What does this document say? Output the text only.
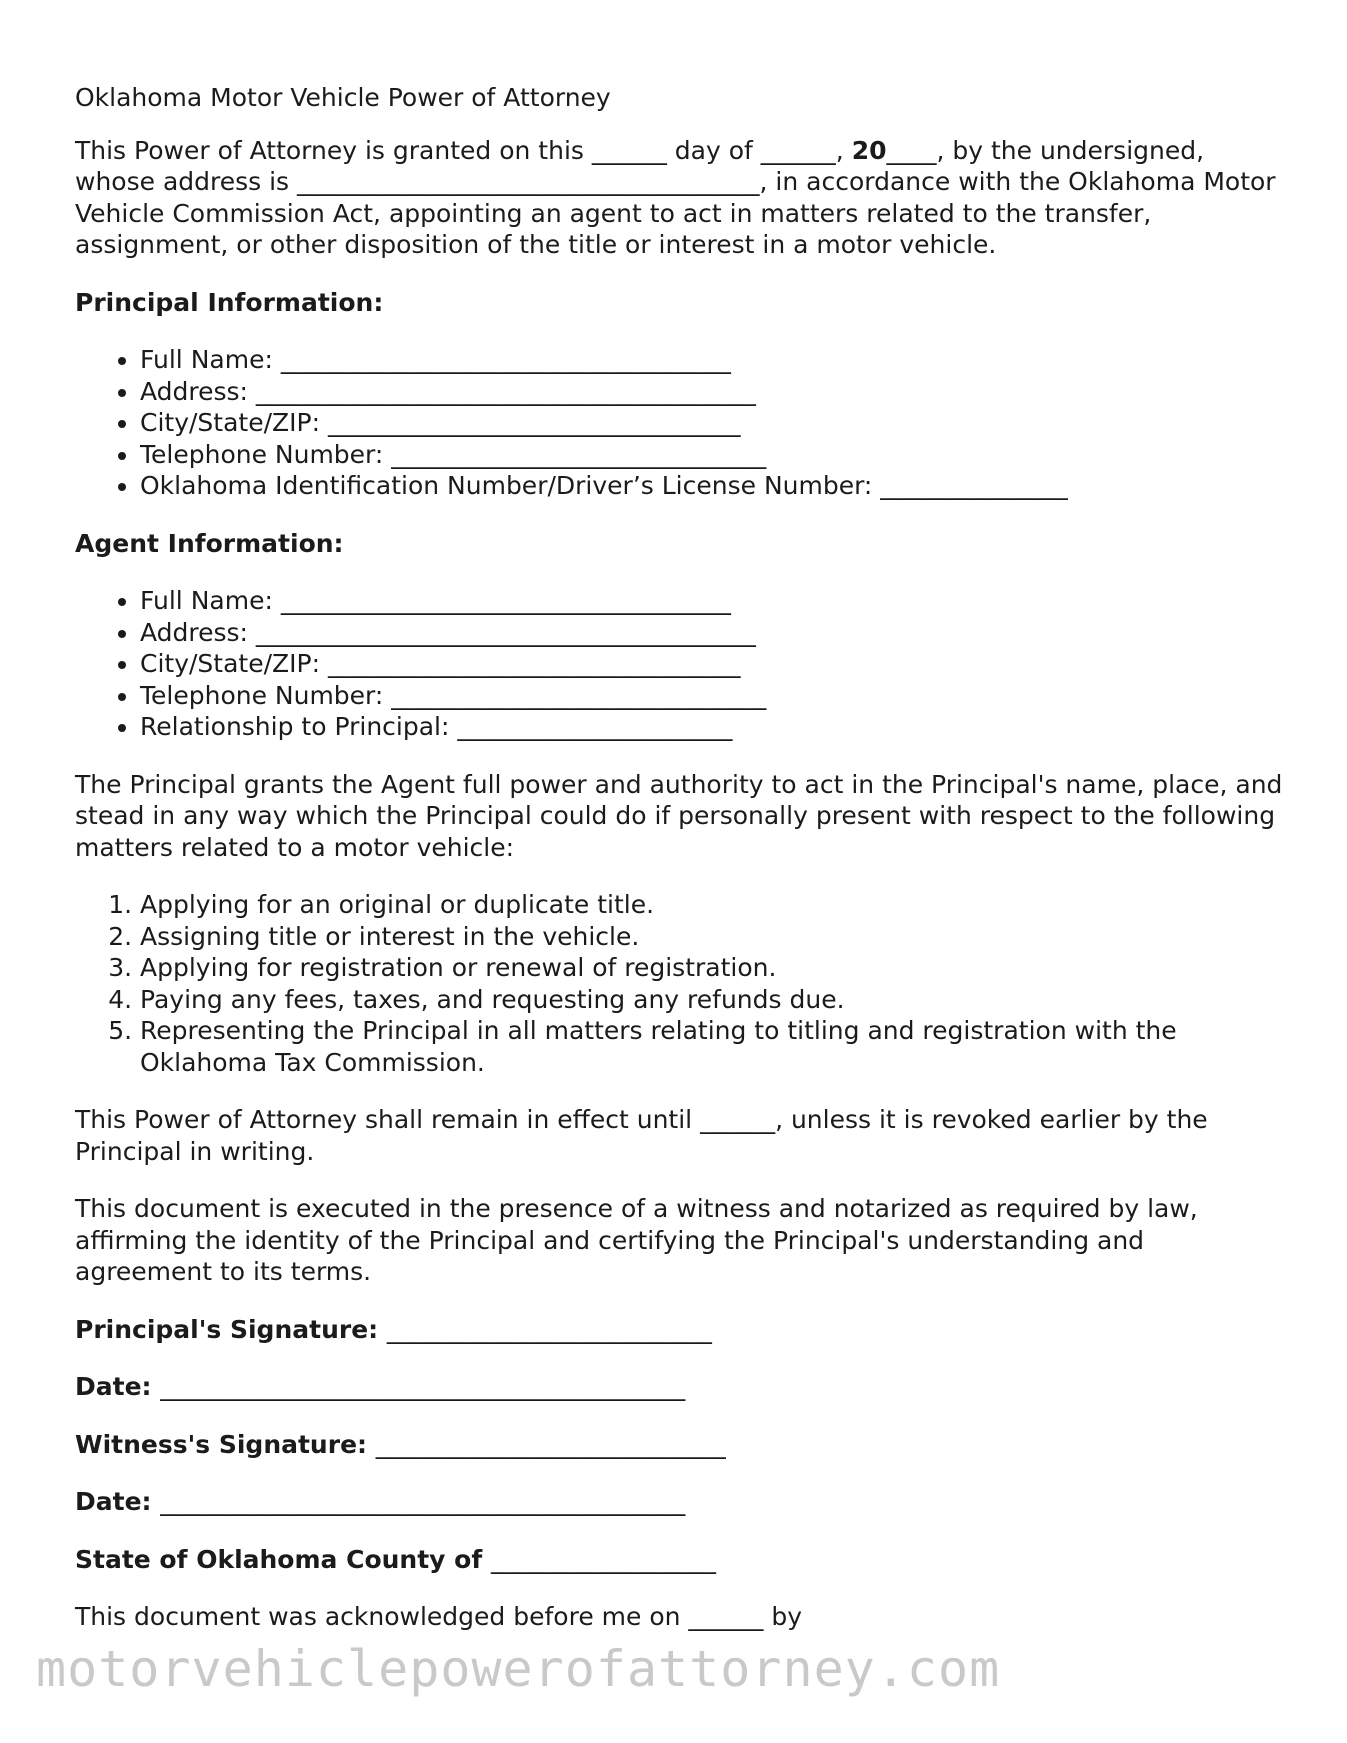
Oklahoma Motor Vehicle Power of Attorney

This Power of Attorney is granted on this ______ day of ______, 20____, by the undersigned, whose address is _____________________________________, in accordance with the Oklahoma Motor Vehicle Commission Act, appointing an agent to act in matters related to the transfer, assignment, or other disposition of the title or interest in a motor vehicle.

Principal Information:
• Full Name: ____________________________________
• Address: ________________________________________
• City/State/ZIP: _________________________________
• Telephone Number: ______________________________
• Oklahoma Identification Number/Driver’s License Number: _______________
Agent Information:
• Full Name: ____________________________________
• Address: ________________________________________
• City/State/ZIP: _________________________________
• Telephone Number: ______________________________
• Relationship to Principal: ______________________

The Principal grants the Agent full power and authority to act in the Principal's name, place, and stead in any way which the Principal could do if personally present with respect to the following matters related to a motor vehicle:

1. Applying for an original or duplicate title.
2. Assigning title or interest in the vehicle.
3. Applying for registration or renewal of registration.
4. Paying any fees, taxes, and requesting any refunds due.
5. Representing the Principal in all matters relating to titling and registration with the Oklahoma Tax Commission.

This Power of Attorney shall remain in effect until ______, unless it is revoked earlier by the Principal in writing.

This document is executed in the presence of a witness and notarized as required by law, affirming the identity of the Principal and certifying the Principal's understanding and agreement to its terms.

Principal's Signature: __________________________
Date: __________________________________________
Witness's Signature: ____________________________
Date: __________________________________________
State of Oklahoma County of __________________

This document was acknowledged before me on ______ by

motorvehiclepowerofattorney.com
